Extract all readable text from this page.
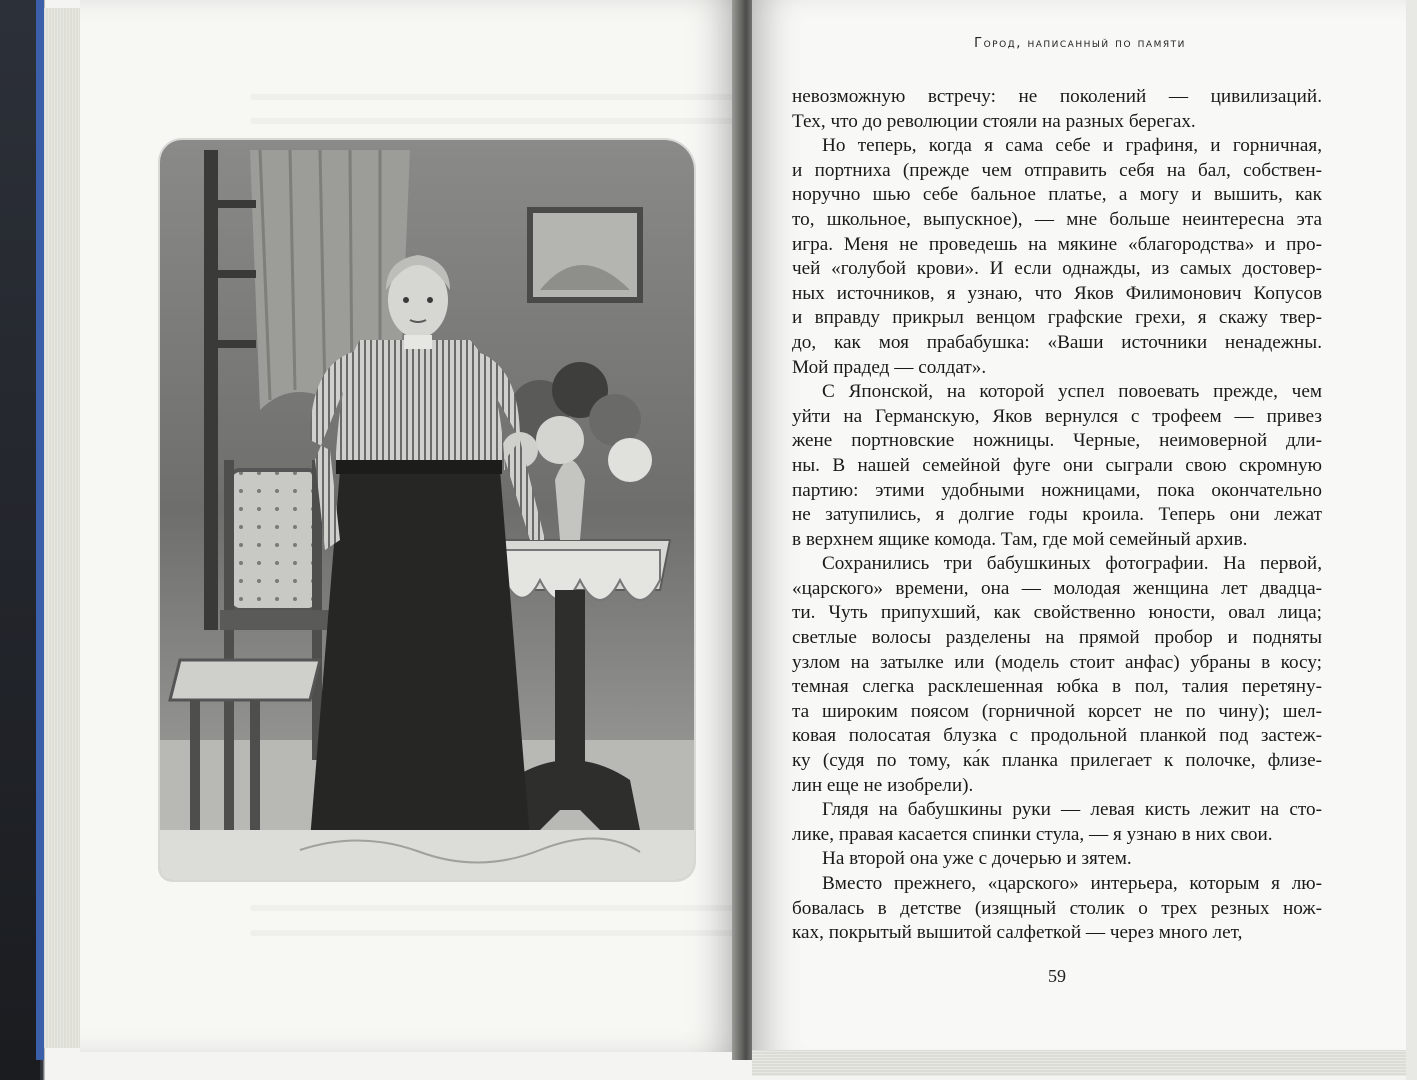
Город, написанный по памяти
невозможную встречу: не поколений — цивилизаций.
Тех, что до революции стояли на разных берегах.
Но теперь, когда я сама себе и графиня, и горничная,
и портниха (прежде чем отправить себя на бал, собствен-
норучно шью себе бальное платье, а могу и вышить, как
то, школьное, выпускное), — мне больше неинтересна эта
игра. Меня не проведешь на мякине «благородства» и про-
чей «голубой крови». И если однажды, из самых достовер-
ных источников, я узнаю, что Яков Филимонович Копусов
и вправду прикрыл венцом графские грехи, я скажу твер-
до, как моя прабабушка: «Ваши источники ненадежны.
Мой прадед — солдат».
С Японской, на которой успел повоевать прежде, чем
уйти на Германскую, Яков вернулся с трофеем — привез
жене портновские ножницы. Черные, неимоверной дли-
ны. В нашей семейной фуге они сыграли свою скромную
партию: этими удобными ножницами, пока окончательно
не затупились, я долгие годы кроила. Теперь они лежат
в верхнем ящике комода. Там, где мой семейный архив.
Сохранились три бабушкиных фотографии. На первой,
«царского» времени, она — молодая женщина лет двадца-
ти. Чуть припухший, как свойственно юности, овал лица;
светлые волосы разделены на прямой пробор и подняты
узлом на затылке или (модель стоит анфас) убраны в косу;
темная слегка расклешенная юбка в пол, талия перетяну-
та широким поясом (горничной корсет не по чину); шел-
ковая полосатая блузка с продольной планкой под застеж-
ку (судя по тому, ка́к планка прилегает к полочке, флизе-
лин еще не изобрели).
Глядя на бабушкины руки — левая кисть лежит на сто-
лике, правая касается спинки стула, — я узнаю в них свои.
На второй она уже с дочерью и зятем.
Вместо прежнего, «царского» интерьера, которым я лю-
бовалась в детстве (изящный столик о трех резных нож-
ках, покрытый вышитой салфеткой — через много лет,
59
